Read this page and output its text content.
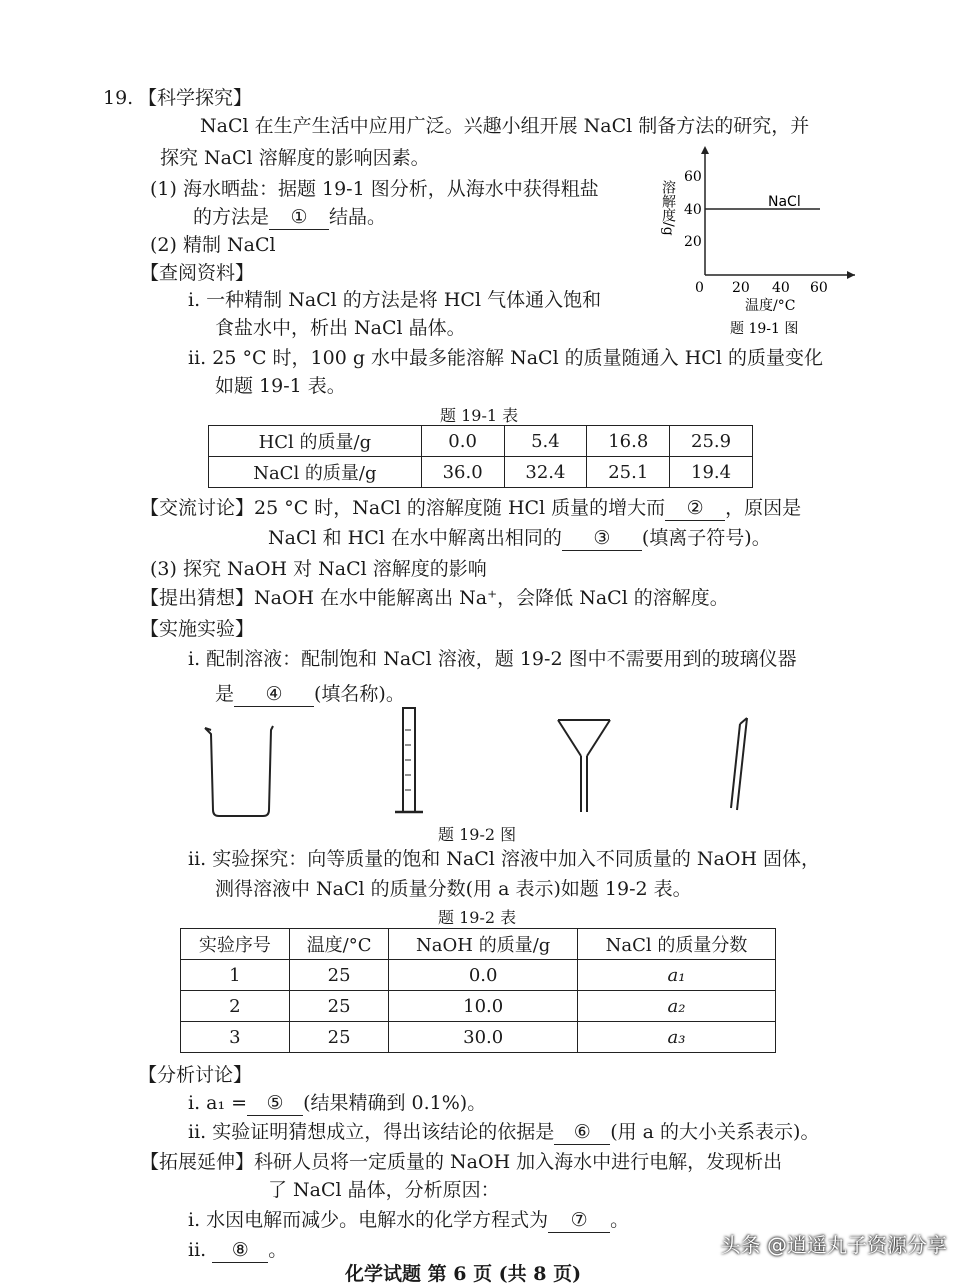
19. 【科学探究】
NaCl 在生产生活中应用广泛。兴趣小组开展 NaCl 制备方法的研究，并
探究 NaCl 溶解度的影响因素。
(1) 海水晒盐：据题 19-1 图分析，从海水中获得粗盐
的方法是 ① 结晶。
(2) 精制 NaCl
【查阅资料】
i. 一种精制 NaCl 的方法是将 HCl 气体通入饱和
食盐水中，析出 NaCl 晶体。
NaCl
60
40
20
0 20 40 60
温度/°C
溶解度/g
题 19-1 图
ii. 25 °C 时，100 g 水中最多能溶解 NaCl 的质量随通入 HCl 的质量变化
如题 19-1 表。
题 19-1 表
HCl 的质量/g	0.0	5.4	16.8	25.9
NaCl 的质量/g	36.0	32.4	25.1	19.4
【交流讨论】25 °C 时，NaCl 的溶解度随 HCl 质量的增大而 ② ，原因是
NaCl 和 HCl 在水中解离出相同的 ③ (填离子符号)。
(3) 探究 NaOH 对 NaCl 溶解度的影响
【提出猜想】NaOH 在水中能解离出 Na⁺，会降低 NaCl 的溶解度。
【实施实验】
i. 配制溶液：配制饱和 NaCl 溶液，题 19-2 图中不需要用到的玻璃仪器
是 ④ (填名称)。
题 19-2 图
ii. 实验探究：向等质量的饱和 NaCl 溶液中加入不同质量的 NaOH 固体，
测得溶液中 NaCl 的质量分数(用 a 表示)如题 19-2 表。
题 19-2 表
实验序号	温度/°C	NaOH 的质量/g	NaCl 的质量分数
1	25	0.0	a₁
2	25	10.0	a₂
3	25	30.0	a₃
【分析讨论】
i. a₁ = ⑤ (结果精确到 0.1%)。
ii. 实验证明猜想成立，得出该结论的依据是 ⑥ (用 a 的大小关系表示)。
【拓展延伸】科研人员将一定质量的 NaOH 加入海水中进行电解，发现析出
了 NaCl 晶体，分析原因：
i. 水因电解而减少。电解水的化学方程式为 ⑦ 。
ii. ⑧ 。
化学试题 第 6 页 (共 8 页)
头条 @逍遥丸子资源分享
